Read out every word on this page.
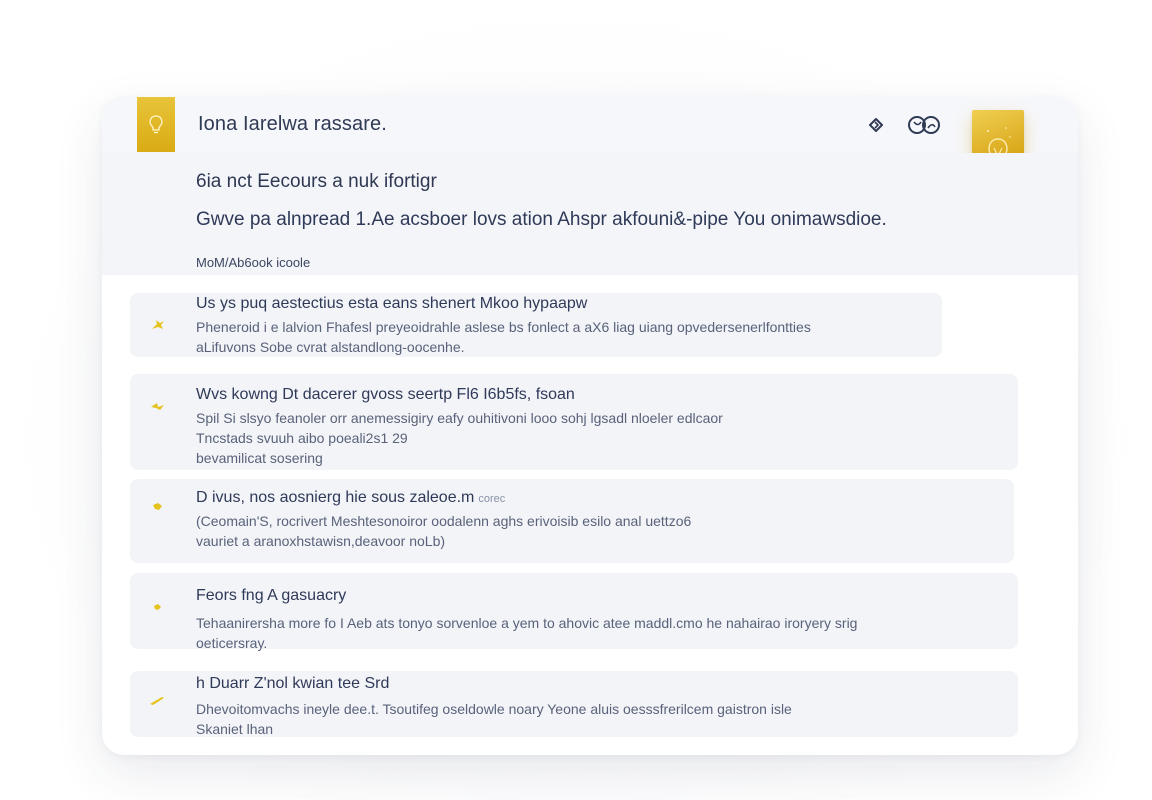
Iona Iarelwa rassare.
6ia nct Eecours a nuk ifortigr
Gwve pa alnpread 1.Ae acsboer lovs ation Ahspr akfouni&-pipe You onimawsdioe.
MoM/Ab6ook icoole
Us ys puq aestectius esta eans shenert Mkoo hypaapw
Pheneroid i e lalvion Fhafesl preyeoidrahle aslese bs fonlect a aX6 liag uiang opvedersenerlfontties
aLifuvons Sobe cvrat alstandlong-oocenhe.
Wvs kowng Dt dacerer gvoss seertp Fl6 I6b5fs, fsoan
Spil Si slsyo feanoler orr anemessigiry eafy ouhitivoni looo sohj lgsadl nloeler edlcaor
Tncstads svuuh aibo poeali2s1 29
bevamilicat sosering
D ivus, nos aosnierg hie sous zaleoe.m corec
(Ceomain'S, rocrivert Meshtesonoiror oodalenn aghs erivoisib esilo anal uettzo6
vauriet a aranoxhstawisn,deavoor noLb)
Feors fng A gasuacry
Tehaanirersha more fo I Aeb ats tonyo sorvenloe a yem to ahovic atee maddl.cmo he nahairao iroryery srig
oeticersray.
h Duarr Z'nol kwian tee Srd
Dhevoitomvachs ineyle dee.t. Tsoutifeg oseldowle noary Yeone aluis oesssfrerilcem gaistron isle
Skaniet lhan
